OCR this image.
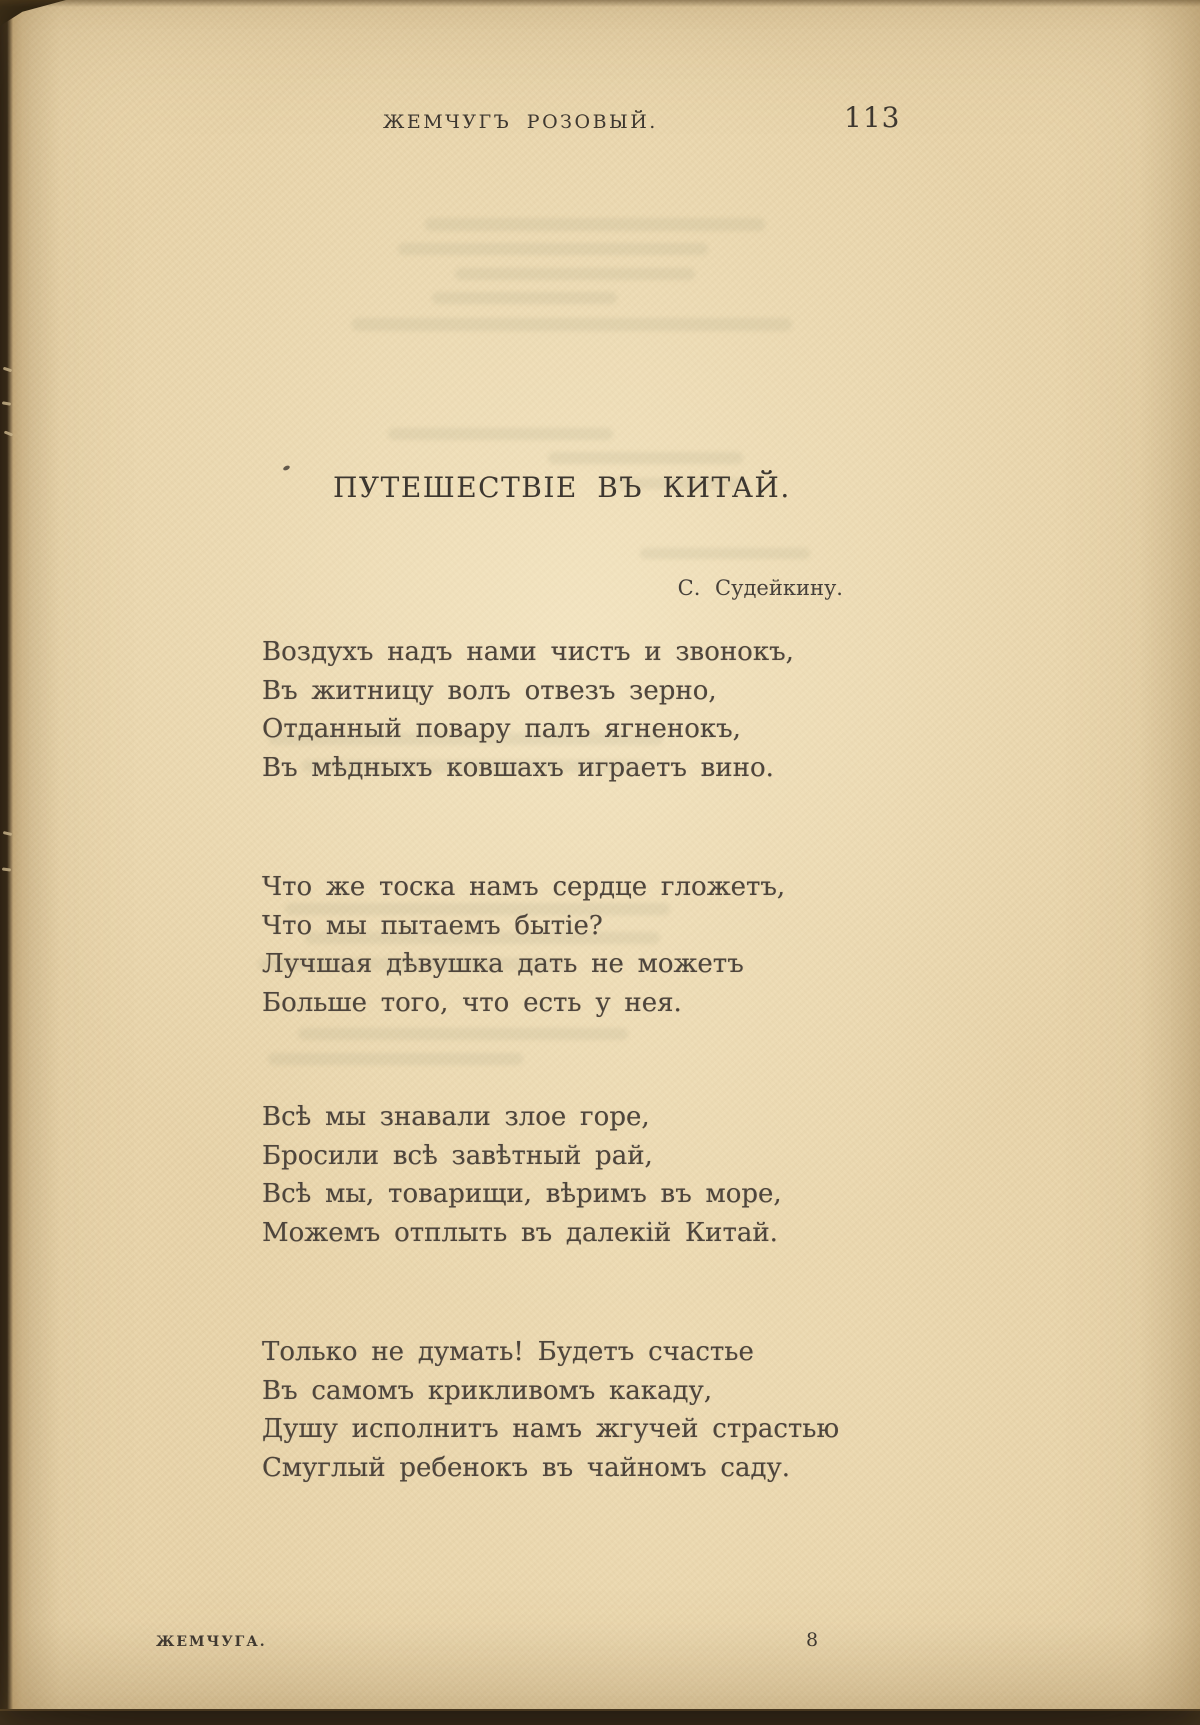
ЖЕМЧУГЪ РОЗОВЫЙ.	113
ПУТЕШЕСТВІЕ ВЪ КИТАЙ.
С. Судейкину.
Воздухъ надъ нами чистъ и звонокъ,
Въ житницу волъ отвезъ зерно,
Отданный повару палъ ягненокъ,
Въ мѣдныхъ ковшахъ играетъ вино.
Что же тоска намъ сердце гложетъ,
Что мы пытаемъ бытіе?
Лучшая дѣвушка дать не можетъ
Больше того, что есть у нея.
Всѣ мы знавали злое горе,
Бросили всѣ завѣтный рай,
Всѣ мы, товарищи, вѣримъ въ море,
Можемъ отплыть въ далекій Китай.
Только не думать! Будетъ счастье
Въ самомъ крикливомъ какаду,
Душу исполнитъ намъ жгучей страстью
Смуглый ребенокъ въ чайномъ саду.
ЖЕМЧУГА.	8
